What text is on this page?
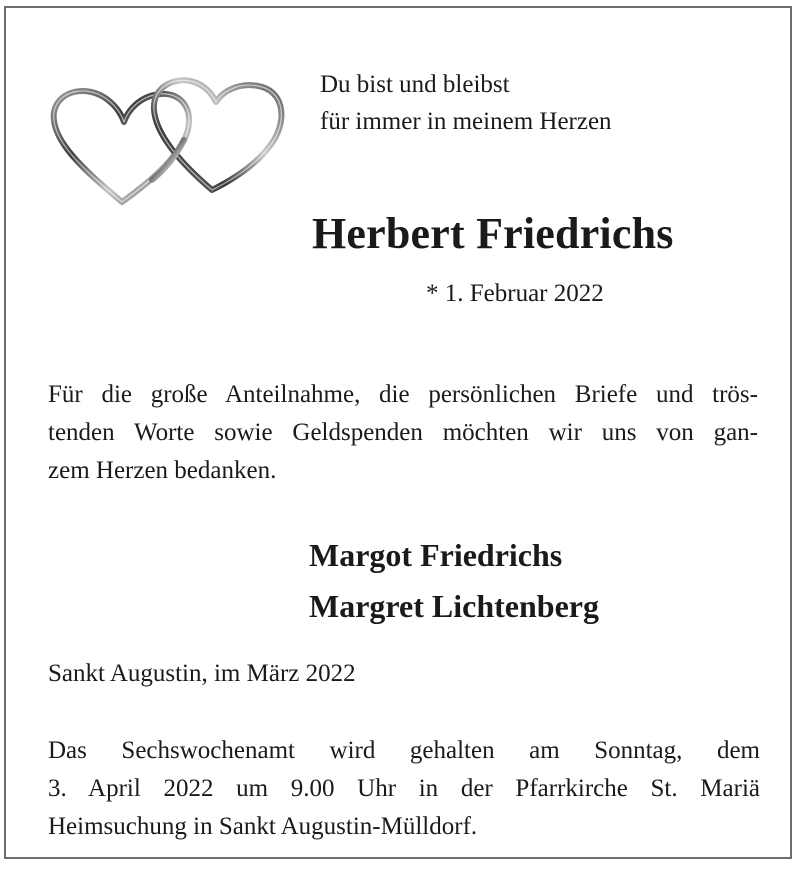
Du bist und bleibst
für immer in meinem Herzen
Herbert Friedrichs
* 1. Februar 2022
Für die große Anteilnahme, die persönlichen Briefe und trös-
tenden Worte sowie Geldspenden möchten wir uns von gan-
zem Herzen bedanken.
Margot Friedrichs
Margret Lichtenberg
Sankt Augustin, im März 2022
Das Sechswochenamt wird gehalten am Sonntag, dem
3. April 2022 um 9.00 Uhr in der Pfarrkirche St. Mariä
Heimsuchung in Sankt Augustin-Mülldorf.
